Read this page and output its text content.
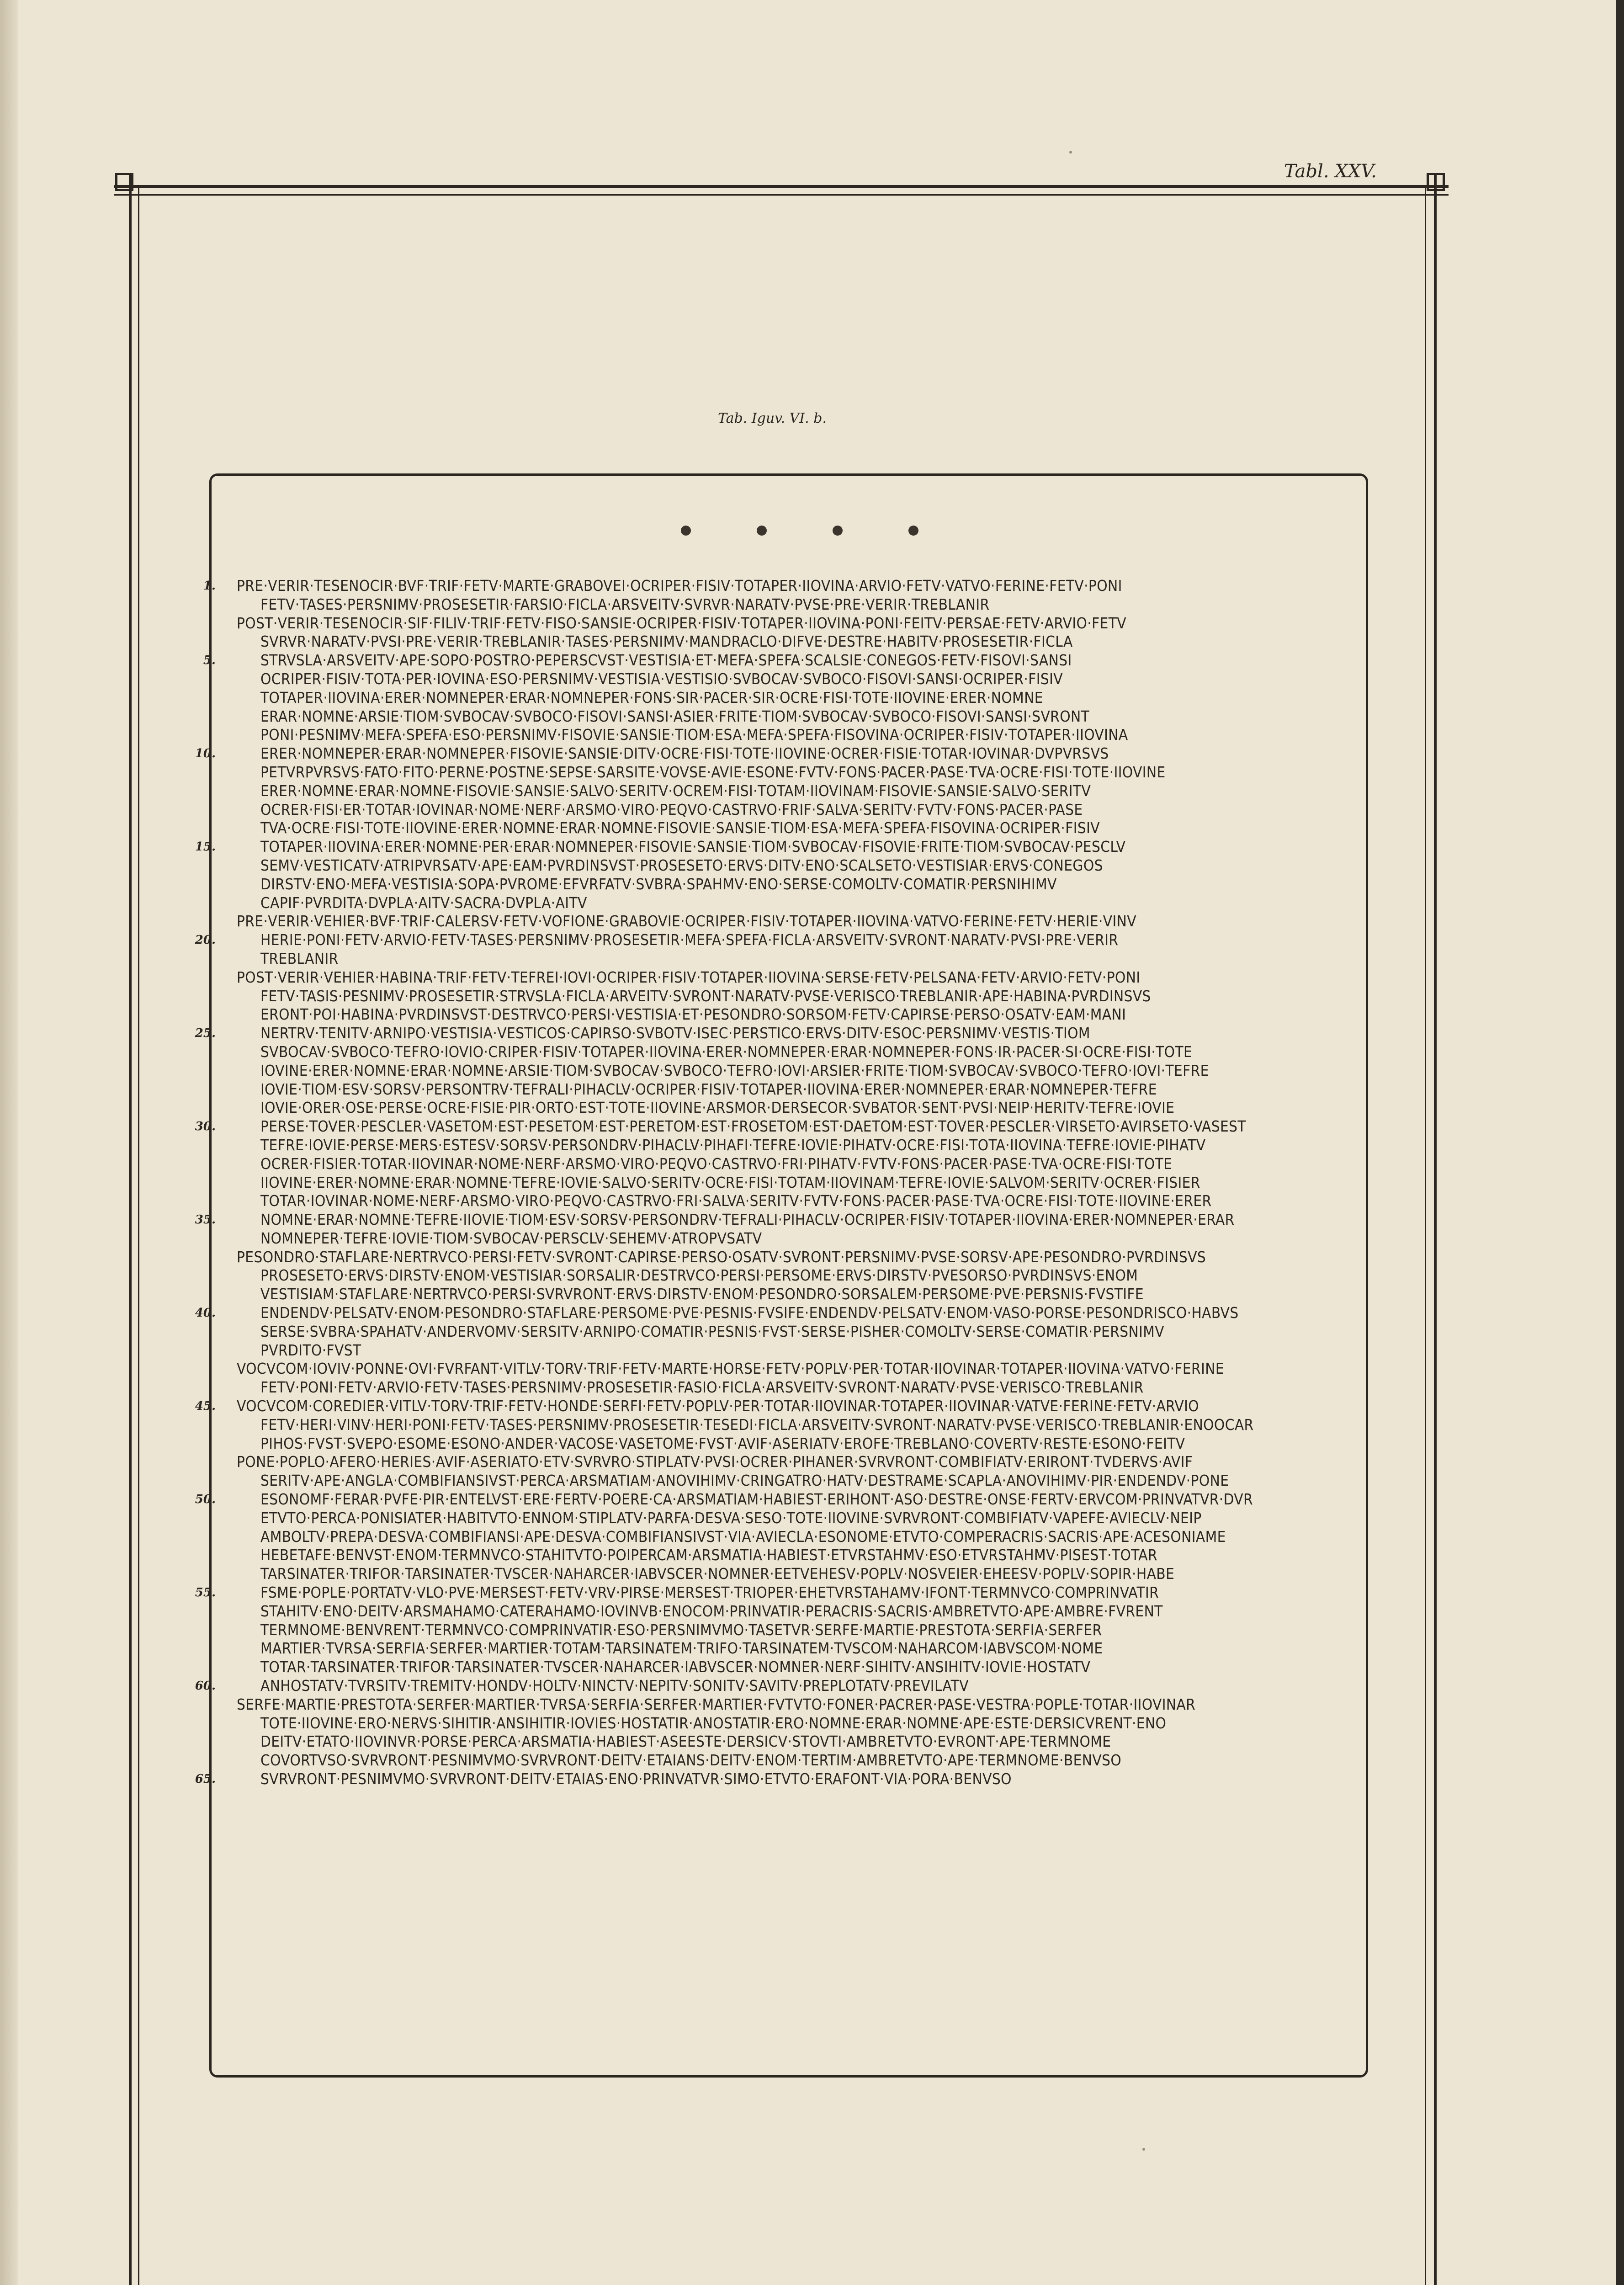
Tabl. XXV.
Tab. Iguv. VI. b.
PRE·VERIR·TESENOCIR·BVF·TRIF·FETV·MARTE·GRABOVEI·OCRIPER·FISIV·TOTAPER·IIOVINA·ARVIO·FETV·VATVO·FERINE·FETV·PONI
FETV·TASES·PERSNIMV·PROSESETIR·FARSIO·FICLA·ARSVEITV·SVRVR·NARATV·PVSE·PRE·VERIR·TREBLANIR
POST·VERIR·TESENOCIR·SIF·FILIV·TRIF·FETV·FISO·SANSIE·OCRIPER·FISIV·TOTAPER·IIOVINA·PONI·FEITV·PERSAE·FETV·ARVIO·FETV
SVRVR·NARATV·PVSI·PRE·VERIR·TREBLANIR·TASES·PERSNIMV·MANDRACLO·DIFVE·DESTRE·HABITV·PROSESETIR·FICLA
STRVSLA·ARSVEITV·APE·SOPO·POSTRO·PEPERSCVST·VESTISIA·ET·MEFA·SPEFA·SCALSIE·CONEGOS·FETV·FISOVI·SANSI
OCRIPER·FISIV·TOTA·PER·IOVINA·ESO·PERSNIMV·VESTISIA·VESTISIO·SVBOCAV·SVBOCO·FISOVI·SANSI·OCRIPER·FISIV
TOTAPER·IIOVINA·ERER·NOMNEPER·ERAR·NOMNEPER·FONS·SIR·PACER·SIR·OCRE·FISI·TOTE·IIOVINE·ERER·NOMNE
ERAR·NOMNE·ARSIE·TIOM·SVBOCAV·SVBOCO·FISOVI·SANSI·ASIER·FRITE·TIOM·SVBOCAV·SVBOCO·FISOVI·SANSI·SVRONT
PONI·PESNIMV·MEFA·SPEFA·ESO·PERSNIMV·FISOVIE·SANSIE·TIOM·ESA·MEFA·SPEFA·FISOVINA·OCRIPER·FISIV·TOTAPER·IIOVINA
ERER·NOMNEPER·ERAR·NOMNEPER·FISOVIE·SANSIE·DITV·OCRE·FISI·TOTE·IIOVINE·OCRER·FISIE·TOTAR·IOVINAR·DVPVRSVS
PETVRPVRSVS·FATO·FITO·PERNE·POSTNE·SEPSE·SARSITE·VOVSE·AVIE·ESONE·FVTV·FONS·PACER·PASE·TVA·OCRE·FISI·TOTE·IIOVINE
ERER·NOMNE·ERAR·NOMNE·FISOVIE·SANSIE·SALVO·SERITV·OCREM·FISI·TOTAM·IIOVINAM·FISOVIE·SANSIE·SALVO·SERITV
OCRER·FISI·ER·TOTAR·IOVINAR·NOME·NERF·ARSMO·VIRO·PEQVO·CASTRVO·FRIF·SALVA·SERITV·FVTV·FONS·PACER·PASE
TVA·OCRE·FISI·TOTE·IIOVINE·ERER·NOMNE·ERAR·NOMNE·FISOVIE·SANSIE·TIOM·ESA·MEFA·SPEFA·FISOVINA·OCRIPER·FISIV
TOTAPER·IIOVINA·ERER·NOMNE·PER·ERAR·NOMNEPER·FISOVIE·SANSIE·TIOM·SVBOCAV·FISOVIE·FRITE·TIOM·SVBOCAV·PESCLV
SEMV·VESTICATV·ATRIPVRSATV·APE·EAM·PVRDINSVST·PROSESETO·ERVS·DITV·ENO·SCALSETO·VESTISIAR·ERVS·CONEGOS
DIRSTV·ENO·MEFA·VESTISIA·SOPA·PVROME·EFVRFATV·SVBRA·SPAHMV·ENO·SERSE·COMOLTV·COMATIR·PERSNIHIMV
CAPIF·PVRDITA·DVPLA·AITV·SACRA·DVPLA·AITV
PRE·VERIR·VEHIER·BVF·TRIF·CALERSV·FETV·VOFIONE·GRABOVIE·OCRIPER·FISIV·TOTAPER·IIOVINA·VATVO·FERINE·FETV·HERIE·VINV
HERIE·PONI·FETV·ARVIO·FETV·TASES·PERSNIMV·PROSESETIR·MEFA·SPEFA·FICLA·ARSVEITV·SVRONT·NARATV·PVSI·PRE·VERIR
TREBLANIR
POST·VERIR·VEHIER·HABINA·TRIF·FETV·TEFREI·IOVI·OCRIPER·FISIV·TOTAPER·IIOVINA·SERSE·FETV·PELSANA·FETV·ARVIO·FETV·PONI
FETV·TASIS·PESNIMV·PROSESETIR·STRVSLA·FICLA·ARVEITV·SVRONT·NARATV·PVSE·VERISCO·TREBLANIR·APE·HABINA·PVRDINSVS
ERONT·POI·HABINA·PVRDINSVST·DESTRVCO·PERSI·VESTISIA·ET·PESONDRO·SORSOM·FETV·CAPIRSE·PERSO·OSATV·EAM·MANI
NERTRV·TENITV·ARNIPO·VESTISIA·VESTICOS·CAPIRSO·SVBOTV·ISEC·PERSTICO·ERVS·DITV·ESOC·PERSNIMV·VESTIS·TIOM
SVBOCAV·SVBOCO·TEFRO·IOVIO·CRIPER·FISIV·TOTAPER·IIOVINA·ERER·NOMNEPER·ERAR·NOMNEPER·FONS·IR·PACER·SI·OCRE·FISI·TOTE
IOVINE·ERER·NOMNE·ERAR·NOMNE·ARSIE·TIOM·SVBOCAV·SVBOCO·TEFRO·IOVI·ARSIER·FRITE·TIOM·SVBOCAV·SVBOCO·TEFRO·IOVI·TEFRE
IOVIE·TIOM·ESV·SORSV·PERSONTRV·TEFRALI·PIHACLV·OCRIPER·FISIV·TOTAPER·IIOVINA·ERER·NOMNEPER·ERAR·NOMNEPER·TEFRE
IOVIE·ORER·OSE·PERSE·OCRE·FISIE·PIR·ORTO·EST·TOTE·IIOVINE·ARSMOR·DERSECOR·SVBATOR·SENT·PVSI·NEIP·HERITV·TEFRE·IOVIE
PERSE·TOVER·PESCLER·VASETOM·EST·PESETOM·EST·PERETOM·EST·FROSETOM·EST·DAETOM·EST·TOVER·PESCLER·VIRSETO·AVIRSETO·VASEST
TEFRE·IOVIE·PERSE·MERS·ESTESV·SORSV·PERSONDRV·PIHACLV·PIHAFI·TEFRE·IOVIE·PIHATV·OCRE·FISI·TOTA·IIOVINA·TEFRE·IOVIE·PIHATV
OCRER·FISIER·TOTAR·IIOVINAR·NOME·NERF·ARSMO·VIRO·PEQVO·CASTRVO·FRI·PIHATV·FVTV·FONS·PACER·PASE·TVA·OCRE·FISI·TOTE
IIOVINE·ERER·NOMNE·ERAR·NOMNE·TEFRE·IOVIE·SALVO·SERITV·OCRE·FISI·TOTAM·IIOVINAM·TEFRE·IOVIE·SALVOM·SERITV·OCRER·FISIER
TOTAR·IOVINAR·NOME·NERF·ARSMO·VIRO·PEQVO·CASTRVO·FRI·SALVA·SERITV·FVTV·FONS·PACER·PASE·TVA·OCRE·FISI·TOTE·IIOVINE·ERER
NOMNE·ERAR·NOMNE·TEFRE·IIOVIE·TIOM·ESV·SORSV·PERSONDRV·TEFRALI·PIHACLV·OCRIPER·FISIV·TOTAPER·IIOVINA·ERER·NOMNEPER·ERAR
NOMNEPER·TEFRE·IOVIE·TIOM·SVBOCAV·PERSCLV·SEHEMV·ATROPVSATV
PESONDRO·STAFLARE·NERTRVCO·PERSI·FETV·SVRONT·CAPIRSE·PERSO·OSATV·SVRONT·PERSNIMV·PVSE·SORSV·APE·PESONDRO·PVRDINSVS
PROSESETO·ERVS·DIRSTV·ENOM·VESTISIAR·SORSALIR·DESTRVCO·PERSI·PERSOME·ERVS·DIRSTV·PVESORSO·PVRDINSVS·ENOM
VESTISIAM·STAFLARE·NERTRVCO·PERSI·SVRVRONT·ERVS·DIRSTV·ENOM·PESONDRO·SORSALEM·PERSOME·PVE·PERSNIS·FVSTIFE
ENDENDV·PELSATV·ENOM·PESONDRO·STAFLARE·PERSOME·PVE·PESNIS·FVSIFE·ENDENDV·PELSATV·ENOM·VASO·PORSE·PESONDRISCO·HABVS
SERSE·SVBRA·SPAHATV·ANDERVOMV·SERSITV·ARNIPO·COMATIR·PESNIS·FVST·SERSE·PISHER·COMOLTV·SERSE·COMATIR·PERSNIMV
PVRDITO·FVST
VOCVCOM·IOVIV·PONNE·OVI·FVRFANT·VITLV·TORV·TRIF·FETV·MARTE·HORSE·FETV·POPLV·PER·TOTAR·IIOVINAR·TOTAPER·IIOVINA·VATVO·FERINE
FETV·PONI·FETV·ARVIO·FETV·TASES·PERSNIMV·PROSESETIR·FASIO·FICLA·ARSVEITV·SVRONT·NARATV·PVSE·VERISCO·TREBLANIR
VOCVCOM·COREDIER·VITLV·TORV·TRIF·FETV·HONDE·SERFI·FETV·POPLV·PER·TOTAR·IIOVINAR·TOTAPER·IIOVINAR·VATVE·FERINE·FETV·ARVIO
FETV·HERI·VINV·HERI·PONI·FETV·TASES·PERSNIMV·PROSESETIR·TESEDI·FICLA·ARSVEITV·SVRONT·NARATV·PVSE·VERISCO·TREBLANIR·ENOOCAR
PIHOS·FVST·SVEPO·ESOME·ESONO·ANDER·VACOSE·VASETOME·FVST·AVIF·ASERIATV·EROFE·TREBLANO·COVERTV·RESTE·ESONO·FEITV
PONE·POPLO·AFERO·HERIES·AVIF·ASERIATO·ETV·SVRVRO·STIPLATV·PVSI·OCRER·PIHANER·SVRVRONT·COMBIFIATV·ERIRONT·TVDERVS·AVIF
SERITV·APE·ANGLA·COMBIFIANSIVST·PERCA·ARSMATIAM·ANOVIHIMV·CRINGATRO·HATV·DESTRAME·SCAPLA·ANOVIHIMV·PIR·ENDENDV·PONE
ESONOMF·FERAR·PVFE·PIR·ENTELVST·ERE·FERTV·POERE·CA·ARSMATIAM·HABIEST·ERIHONT·ASO·DESTRE·ONSE·FERTV·ERVCOM·PRINVATVR·DVR
ETVTO·PERCA·PONISIATER·HABITVTO·ENNOM·STIPLATV·PARFA·DESVA·SESO·TOTE·IIOVINE·SVRVRONT·COMBIFIATV·VAPEFE·AVIECLV·NEIP
AMBOLTV·PREPA·DESVA·COMBIFIANSI·APE·DESVA·COMBIFIANSIVST·VIA·AVIECLA·ESONOME·ETVTO·COMPERACRIS·SACRIS·APE·ACESONIAME
HEBETAFE·BENVST·ENOM·TERMNVCO·STAHITVTO·POIPERCAM·ARSMATIA·HABIEST·ETVRSTAHMV·ESO·ETVRSTAHMV·PISEST·TOTAR
TARSINATER·TRIFOR·TARSINATER·TVSCER·NAHARCER·IABVSCER·NOMNER·EETVEHESV·POPLV·NOSVEIER·EHEESV·POPLV·SOPIR·HABE
FSME·POPLE·PORTATV·VLO·PVE·MERSEST·FETV·VRV·PIRSE·MERSEST·TRIOPER·EHETVRSTAHAMV·IFONT·TERMNVCO·COMPRINVATIR
STAHITV·ENO·DEITV·ARSMAHAMO·CATERAHAMO·IOVINVB·ENOCOM·PRINVATIR·PERACRIS·SACRIS·AMBRETVTO·APE·AMBRE·FVRENT
TERMNOME·BENVRENT·TERMNVCO·COMPRINVATIR·ESO·PERSNIMVMO·TASETVR·SERFE·MARTIE·PRESTOTA·SERFIA·SERFER
MARTIER·TVRSA·SERFIA·SERFER·MARTIER·TOTAM·TARSINATEM·TRIFO·TARSINATEM·TVSCOM·NAHARCOM·IABVSCOM·NOME
TOTAR·TARSINATER·TRIFOR·TARSINATER·TVSCER·NAHARCER·IABVSCER·NOMNER·NERF·SIHITV·ANSIHITV·IOVIE·HOSTATV
ANHOSTATV·TVRSITV·TREMITV·HONDV·HOLTV·NINCTV·NEPITV·SONITV·SAVITV·PREPLOTATV·PREVILATV
SERFE·MARTIE·PRESTOTA·SERFER·MARTIER·TVRSA·SERFIA·SERFER·MARTIER·FVTVTO·FONER·PACRER·PASE·VESTRA·POPLE·TOTAR·IIOVINAR
TOTE·IIOVINE·ERO·NERVS·SIHITIR·ANSIHITIR·IOVIES·HOSTATIR·ANOSTATIR·ERO·NOMNE·ERAR·NOMNE·APE·ESTE·DERSICVRENT·ENO
DEITV·ETATO·IIOVINVR·PORSE·PERCA·ARSMATIA·HABIEST·ASEESTE·DERSICV·STOVTI·AMBRETVTO·EVRONT·APE·TERMNOME
COVORTVSO·SVRVRONT·PESNIMVMO·SVRVRONT·DEITV·ETAIANS·DEITV·ENOM·TERTIM·AMBRETVTO·APE·TERMNOME·BENVSO
SVRVRONT·PESNIMVMO·SVRVRONT·DEITV·ETAIAS·ENO·PRINVATVR·SIMO·ETVTO·ERAFONT·VIA·PORA·BENVSO
1.
5.
10.
15.
20.
25.
30.
35.
40.
45.
50.
55.
60.
65.
